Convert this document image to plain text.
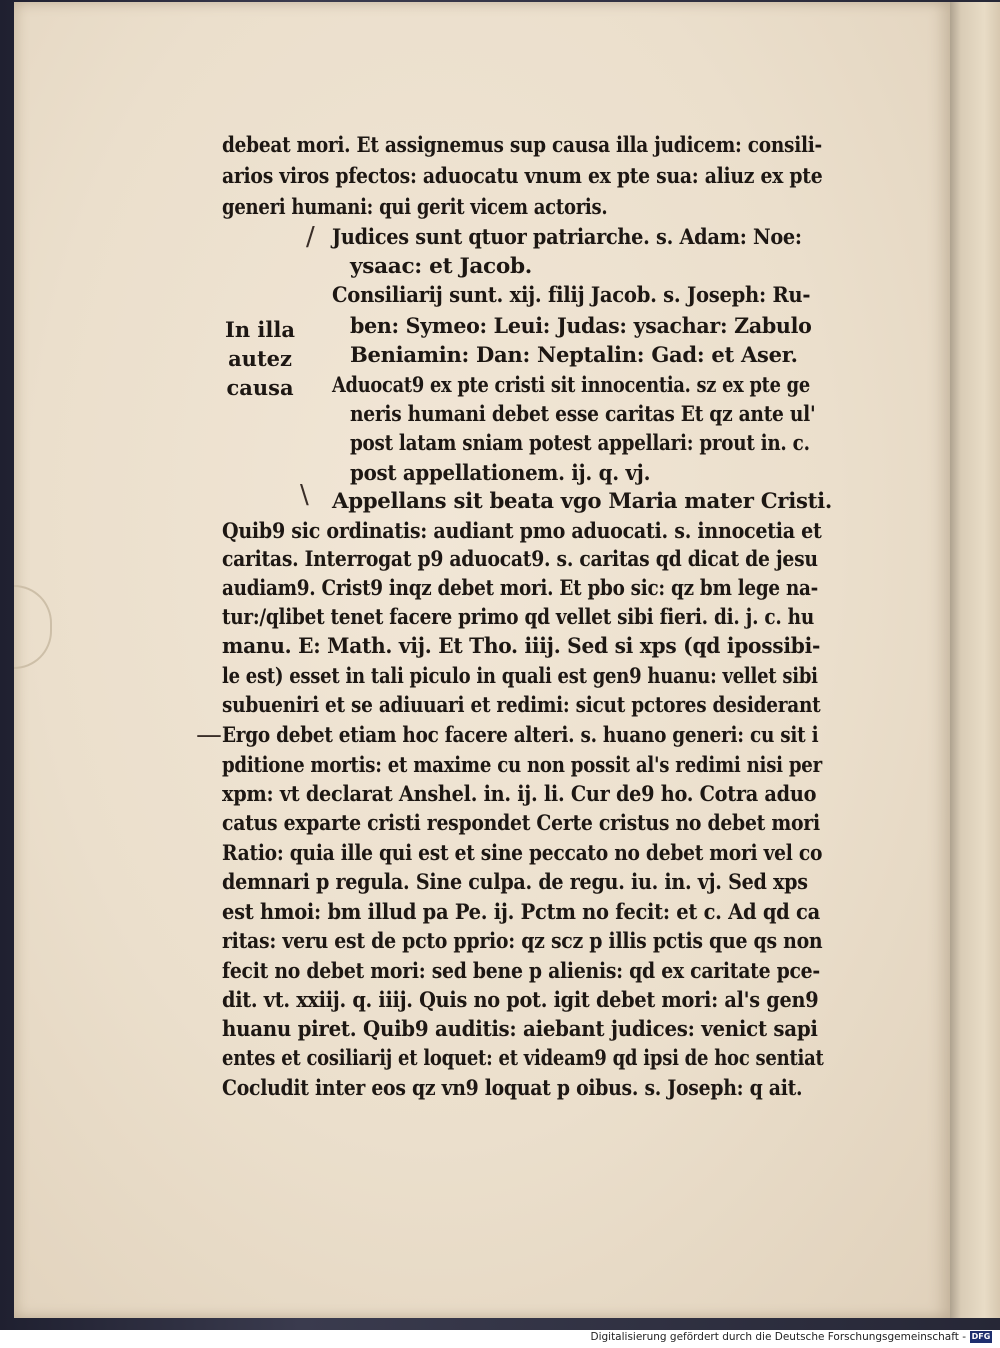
debeat mori. Et assignemus sup causa illa judicem: consili-
arios viros pfectos: aduocatu vnum ex pte sua: aliuz ex pte
generi humani: qui gerit vicem actoris.
Judices sunt qtuor patriarche. s. Adam: Noe:
ysaac: et Jacob.
Consiliarij sunt. xij. filij Jacob. s. Joseph: Ru-
ben: Symeo: Leui: Judas: ysachar: Zabulo
Beniamin: Dan: Neptalin: Gad: et Aser.
Aduocat9 ex pte cristi sit innocentia. sz ex pte ge
neris humani debet esse caritas Et qz ante ul'
post latam sniam potest appellari: prout in. c.
post appellationem. ij. q. vj.
Appellans sit beata vgo Maria mater Cristi.
Quib9 sic ordinatis: audiant pmo aduocati. s. innocetia et
caritas. Interrogat p9 aduocat9. s. caritas qd dicat de jesu
audiam9. Crist9 inqz debet mori. Et pbo sic: qz bm lege na-
tur:/qlibet tenet facere primo qd vellet sibi fieri. di. j. c. hu
manu. E: Math. vij. Et Tho. iiij. Sed si xps (qd ipossibi-
le est) esset in tali piculo in quali est gen9 huanu: vellet sibi
subueniri et se adiuuari et redimi: sicut pctores desiderant
Ergo debet etiam hoc facere alteri. s. huano generi: cu sit i
pditione mortis: et maxime cu non possit al's redimi nisi per
xpm: vt declarat Anshel. in. ij. li. Cur de9 ho. Cotra aduo
catus exparte cristi respondet Certe cristus no debet mori
Ratio: quia ille qui est et sine peccato no debet mori vel co
demnari p regula. Sine culpa. de regu. iu. in. vj. Sed xps
est hmoi: bm illud pa Pe. ij. Pctm no fecit: et c. Ad qd ca
ritas: veru est de pcto pprio: qz scz p illis pctis que qs non
fecit no debet mori: sed bene p alienis: qd ex caritate pce-
dit. vt. xxiij. q. iiij. Quis no pot. igit debet mori: al's gen9
huanu piret. Quib9 auditis: aiebant judices: venict sapi
entes et cosiliarij et loquet: et videam9 qd ipsi de hoc sentiat
Cocludit inter eos qz vn9 loquat p oibus. s. Joseph: q ait.
In illa
autez
causa
/
\
—
Digitalisierung gefördert durch die Deutsche Forschungsgemeinschaft - DFG
